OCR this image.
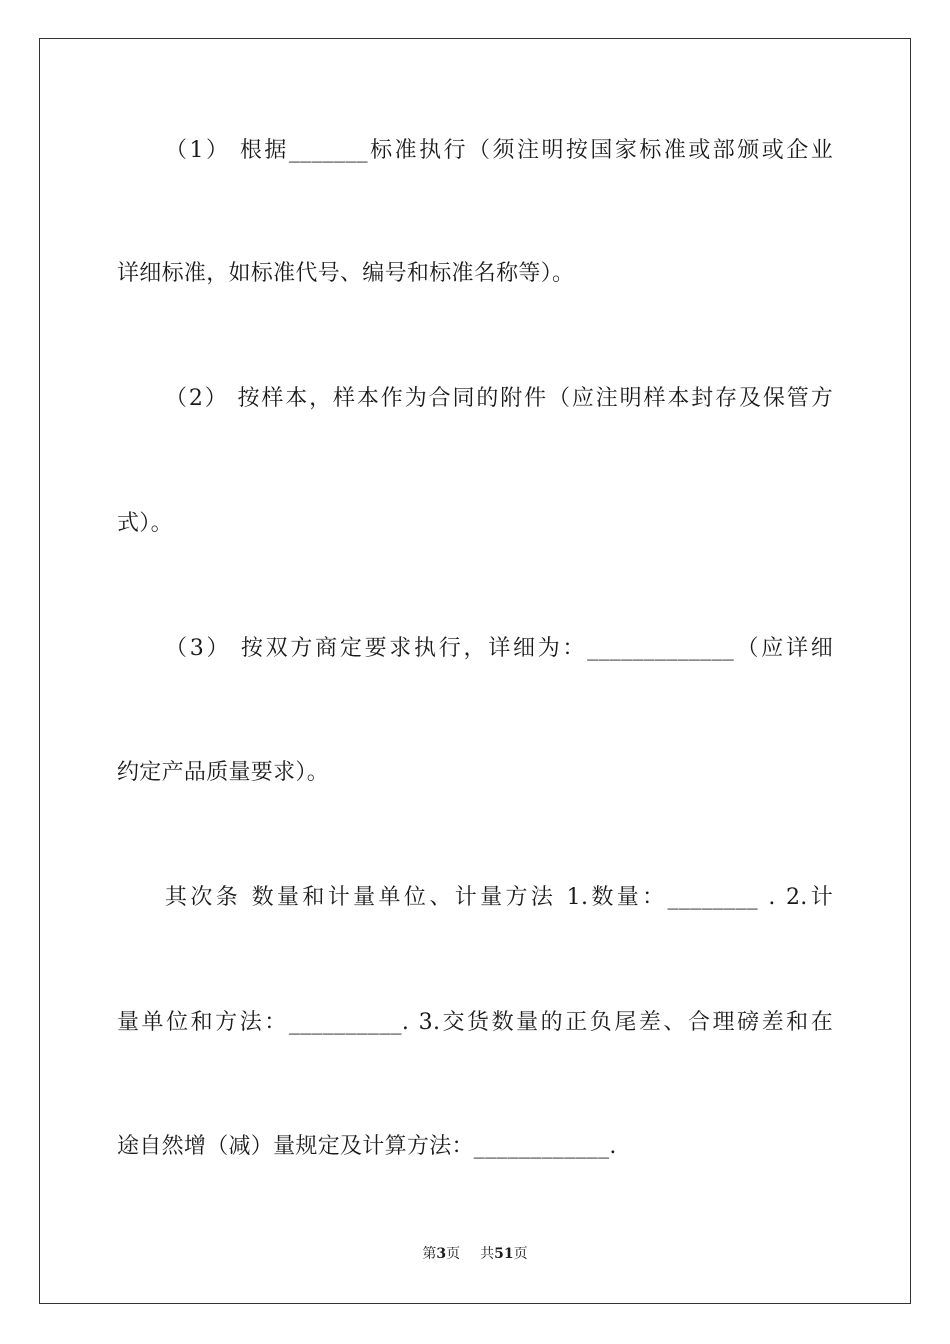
（1） 根据_______标准执行（须注明按国家标准或部颁或企业
详细标准，如标准代号、编号和标准名称等）。
（2） 按样本，样本作为合同的附件（应注明样本封存及保管方
式）。
（3） 按双方商定要求执行，详细为：_____________（应详细
约定产品质量要求）。
其次条 数量和计量单位、计量方法 1.数量：________ . 2.计
量单位和方法：__________. 3.交货数量的正负尾差、合理磅差和在
途自然增（减）量规定及计算方法：____________.
第3页 共51页
